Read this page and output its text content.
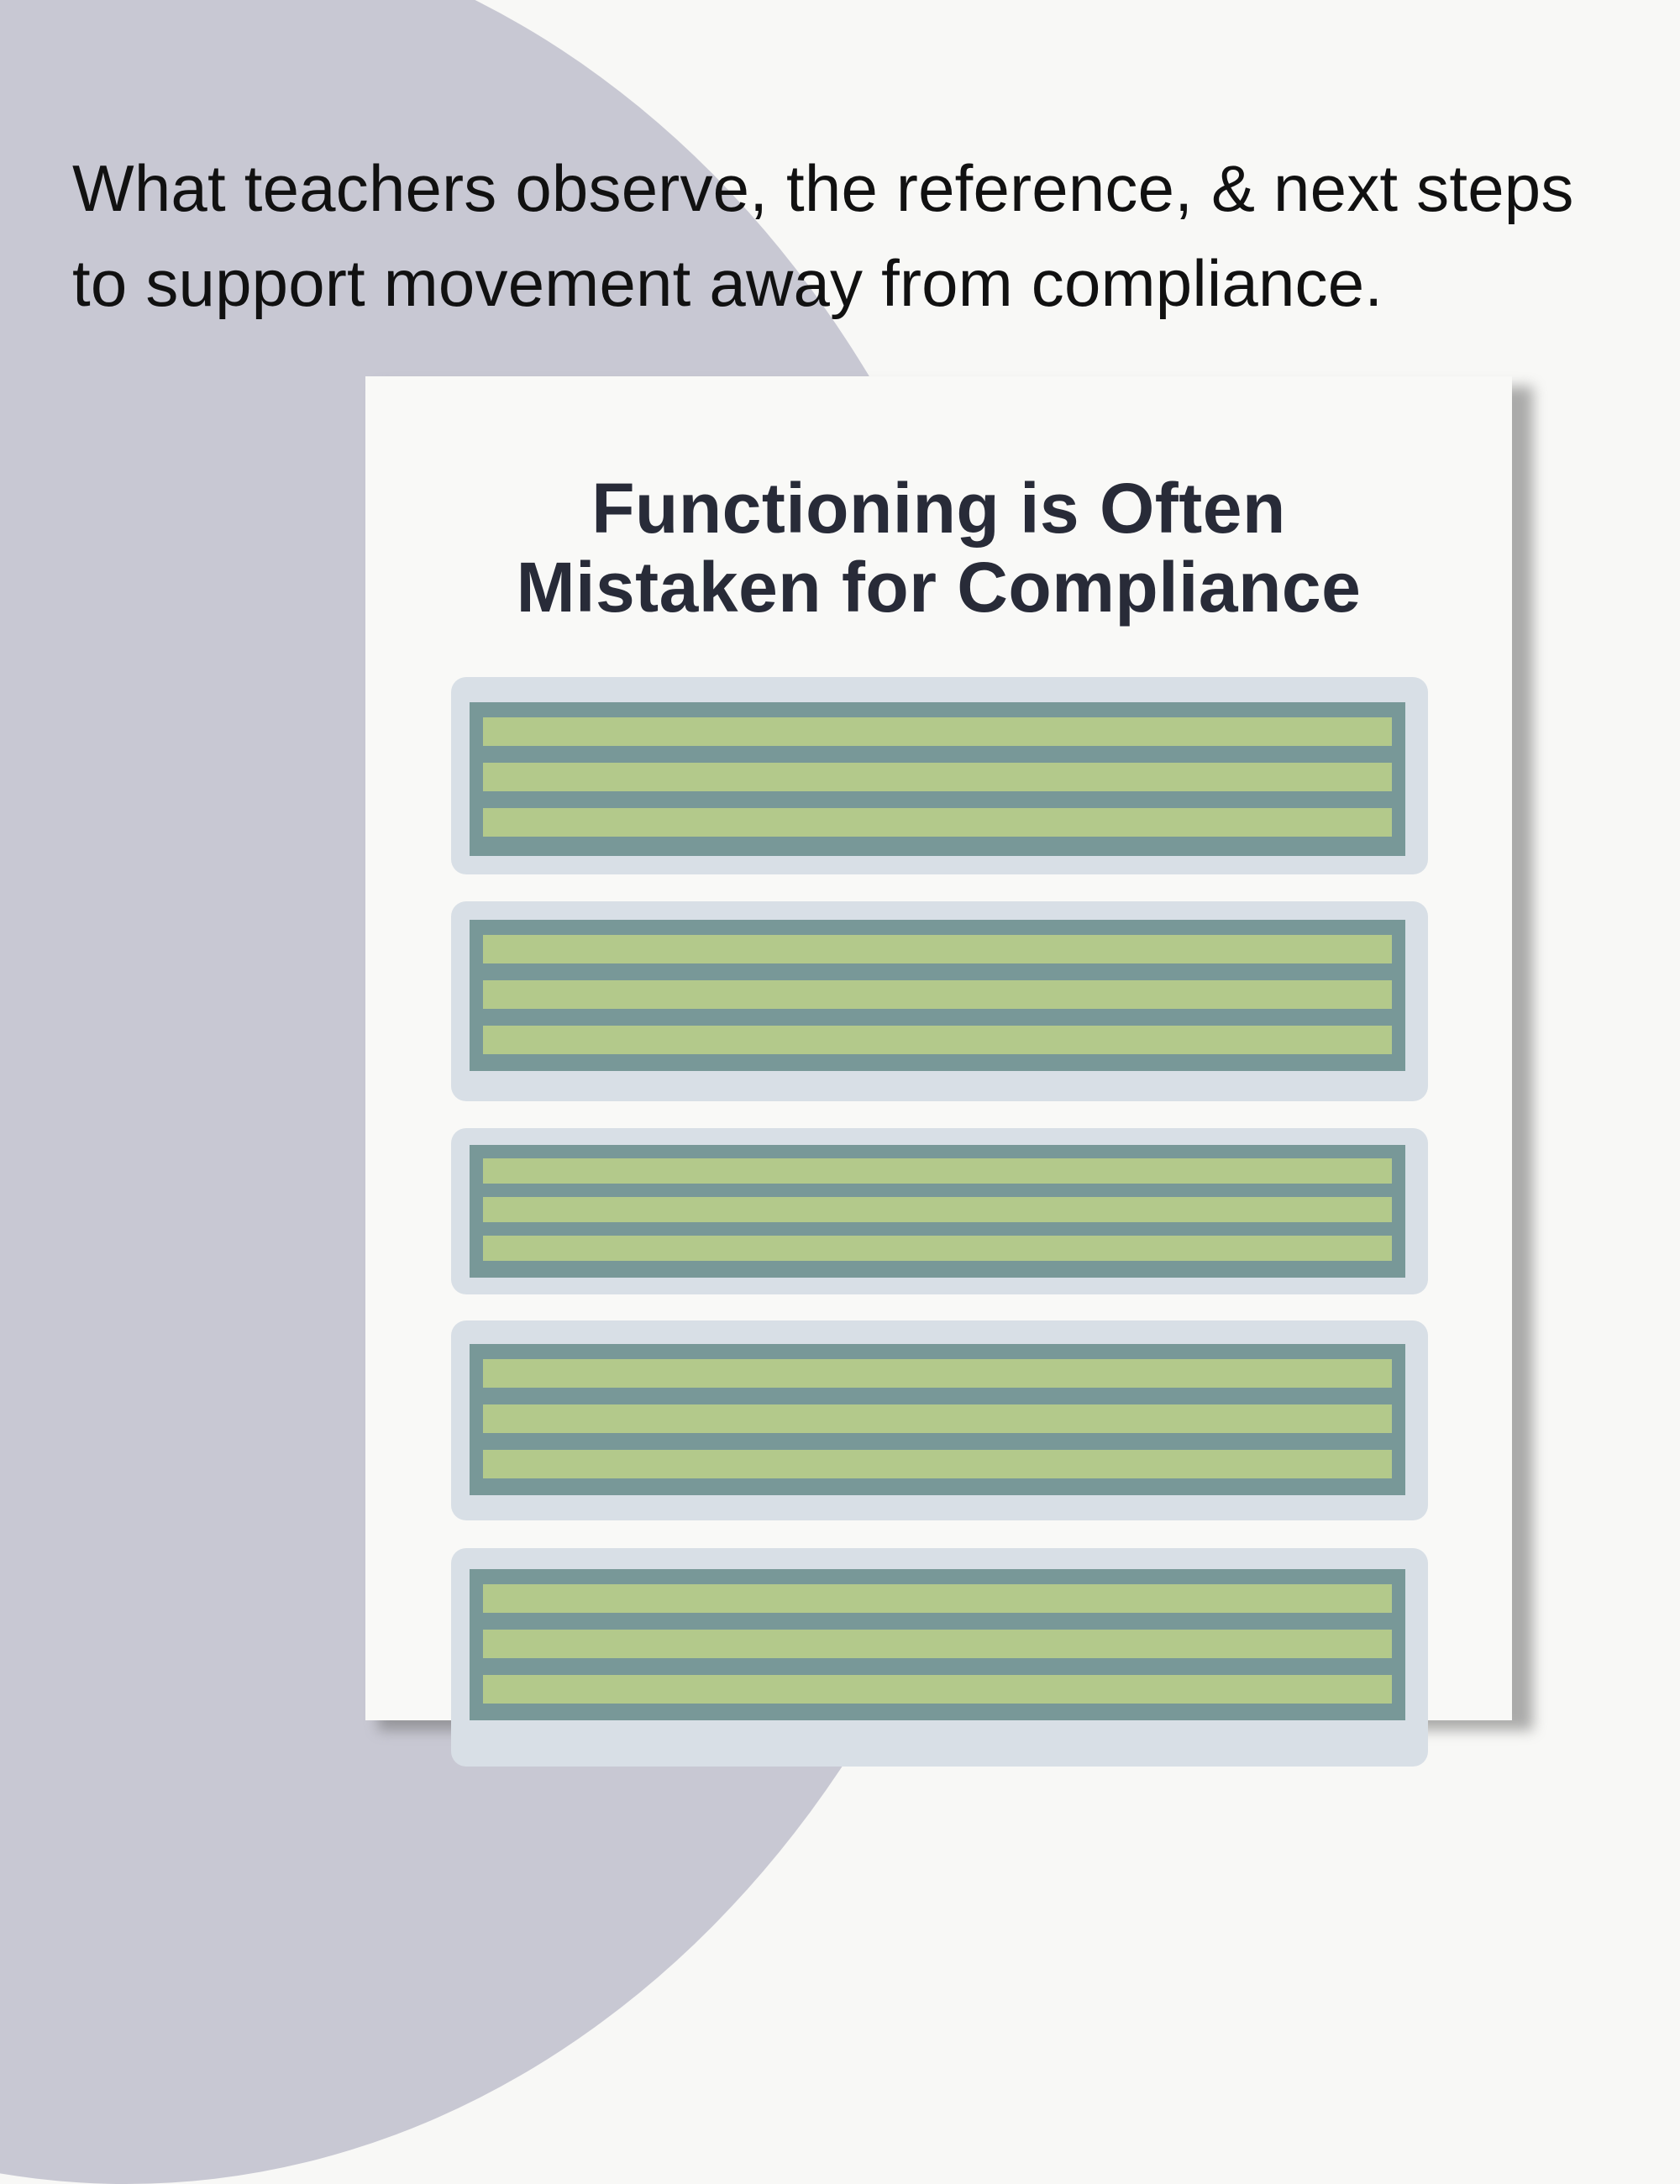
What teachers observe, the reference, & next steps
to support movement away from compliance.

Functioning is Often
Mistaken for Compliance
